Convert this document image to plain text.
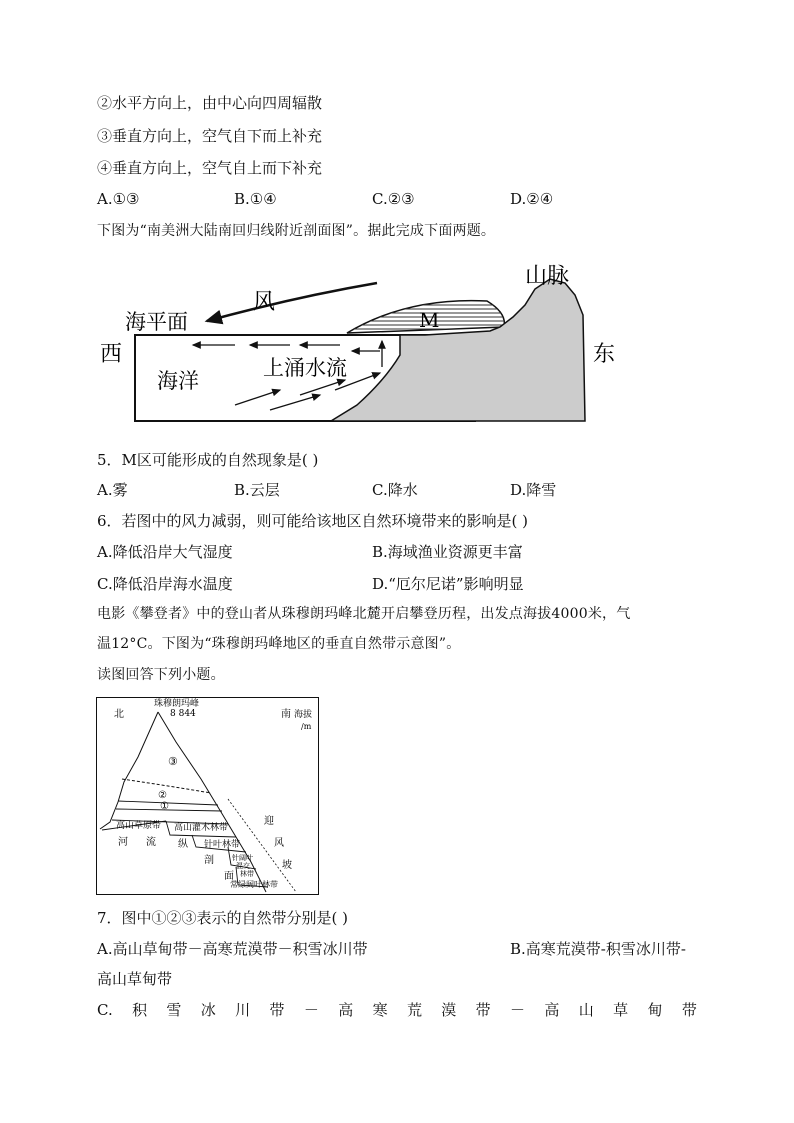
②水平方向上，由中心向四周辐散
③垂直方向上，空气自下而上补充
④垂直方向上，空气自上而下补充
A.①③	B.①④	C.②③	D.②④
下图为“南美洲大陆南回归线附近剖面图”。据此完成下面两题。
山脉
风
海平面	M
西	东
海洋
上涌水流
5．M区可能形成的自然现象是( )
A.雾	B.云层	C.降水	D.降雪
6．若图中的风力减弱，则可能给该地区自然环境带来的影响是( )
A.降低沿岸大气湿度	B.海域渔业资源更丰富
C.降低沿岸海水温度	D.“厄尔尼诺”影响明显
电影《攀登者》中的登山者从珠穆朗玛峰北麓开启攀登历程，出发点海拔4000米，气
温12°C。下图为“珠穆朗玛峰地区的垂直自然带示意图”。
读图回答下列小题。
珠穆朗玛峰
8 844
北	南 海拔
/m
③
②
①
高山草原带 高山灌木林带
针叶林带
针阔叶
混交
林带
常绿阔叶林带
河 流 纵
剖
面
迎
风
坡
7．图中①②③表示的自然带分别是( )
A.高山草甸带－高寒荒漠带－积雪冰川带	B.高寒荒漠带-积雪冰川带-
高山草甸带
C. 积 雪 冰 川 带 － 高 寒 荒 漠 带 － 高 山 草 甸 带
